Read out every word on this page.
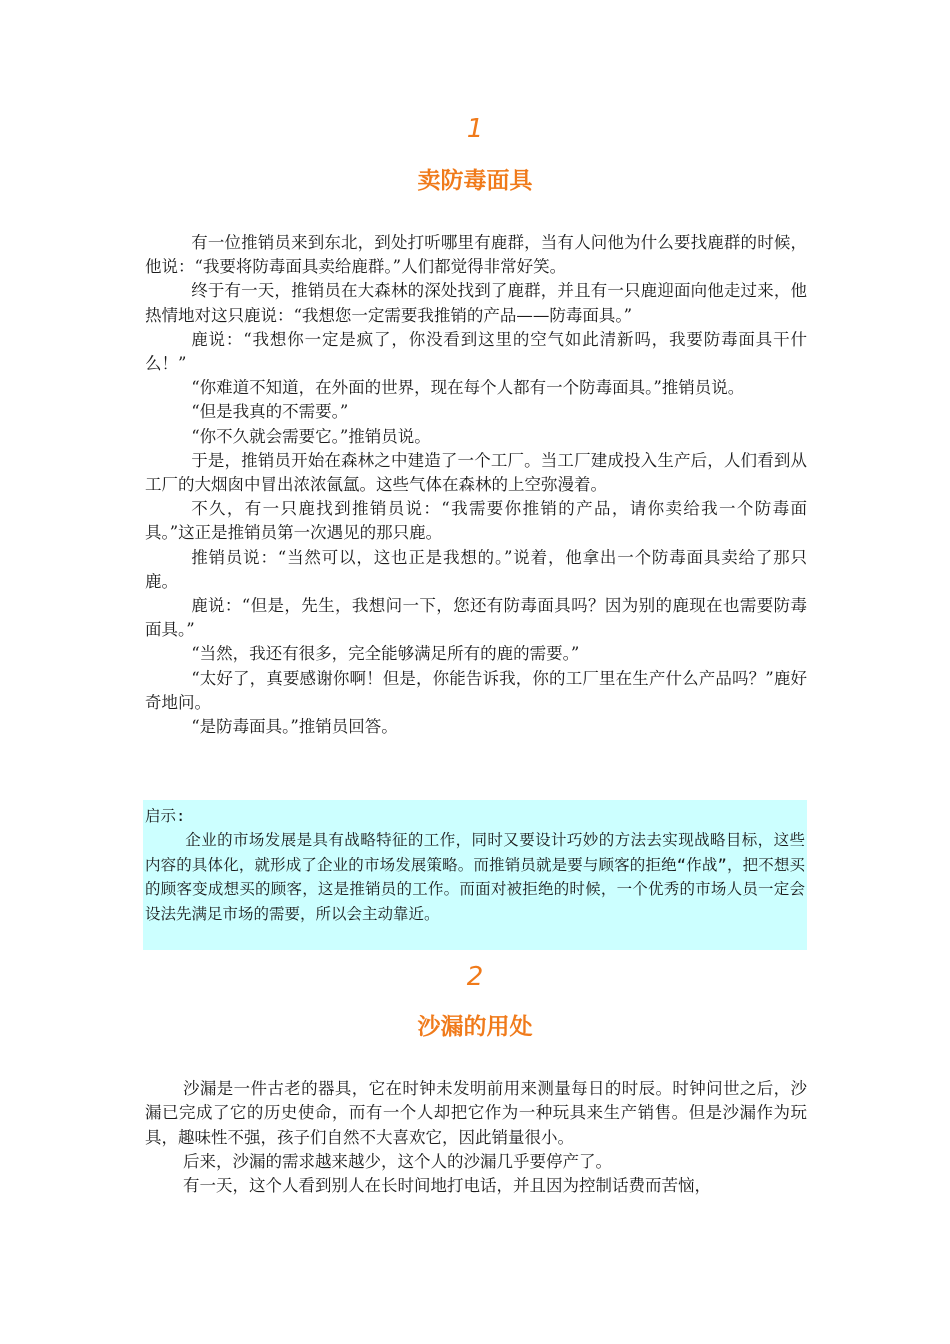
1
卖防毒面具

有一位推销员来到东北，到处打听哪里有鹿群，当有人问他为什么要找鹿群的时候，他说：“我要将防毒面具卖给鹿群。”人们都觉得非常好笑。

终于有一天，推销员在大森林的深处找到了鹿群，并且有一只鹿迎面向他走过来，他热情地对这只鹿说：“我想您一定需要我推销的产品——防毒面具。”

鹿说：“我想你一定是疯了，你没看到这里的空气如此清新吗，我要防毒面具干什么！”

“你难道不知道，在外面的世界，现在每个人都有一个防毒面具。”推销员说。

“但是我真的不需要。”

“你不久就会需要它。”推销员说。

于是，推销员开始在森林之中建造了一个工厂。当工厂建成投入生产后，人们看到从工厂的大烟囱中冒出浓浓氤氲。这些气体在森林的上空弥漫着。

不久，有一只鹿找到推销员说：“我需要你推销的产品，请你卖给我一个防毒面具。”这正是推销员第一次遇见的那只鹿。

推销员说：“当然可以，这也正是我想的。”说着，他拿出一个防毒面具卖给了那只鹿。

鹿说：“但是，先生，我想问一下，您还有防毒面具吗？因为别的鹿现在也需要防毒面具。”

“当然，我还有很多，完全能够满足所有的鹿的需要。”

“太好了，真要感谢你啊！但是，你能告诉我，你的工厂里在生产什么产品吗？”鹿好奇地问。

“是防毒面具。”推销员回答。

启示:

企业的市场发展是具有战略特征的工作，同时又要设计巧妙的方法去实现战略目标，这些内容的具体化，就形成了企业的市场发展策略。而推销员就是要与顾客的拒绝“作战”，把不想买的顾客变成想买的顾客，这是推销员的工作。而面对被拒绝的时候，一个优秀的市场人员一定会设法先满足市场的需要，所以会主动靠近。

2
沙漏的用处

沙漏是一件古老的器具，它在时钟未发明前用来测量每日的时辰。时钟问世之后，沙漏已完成了它的历史使命，而有一个人却把它作为一种玩具来生产销售。但是沙漏作为玩具，趣味性不强，孩子们自然不大喜欢它，因此销量很小。

后来，沙漏的需求越来越少，这个人的沙漏几乎要停产了。

有一天，这个人看到别人在长时间地打电话，并且因为控制话费而苦恼，
